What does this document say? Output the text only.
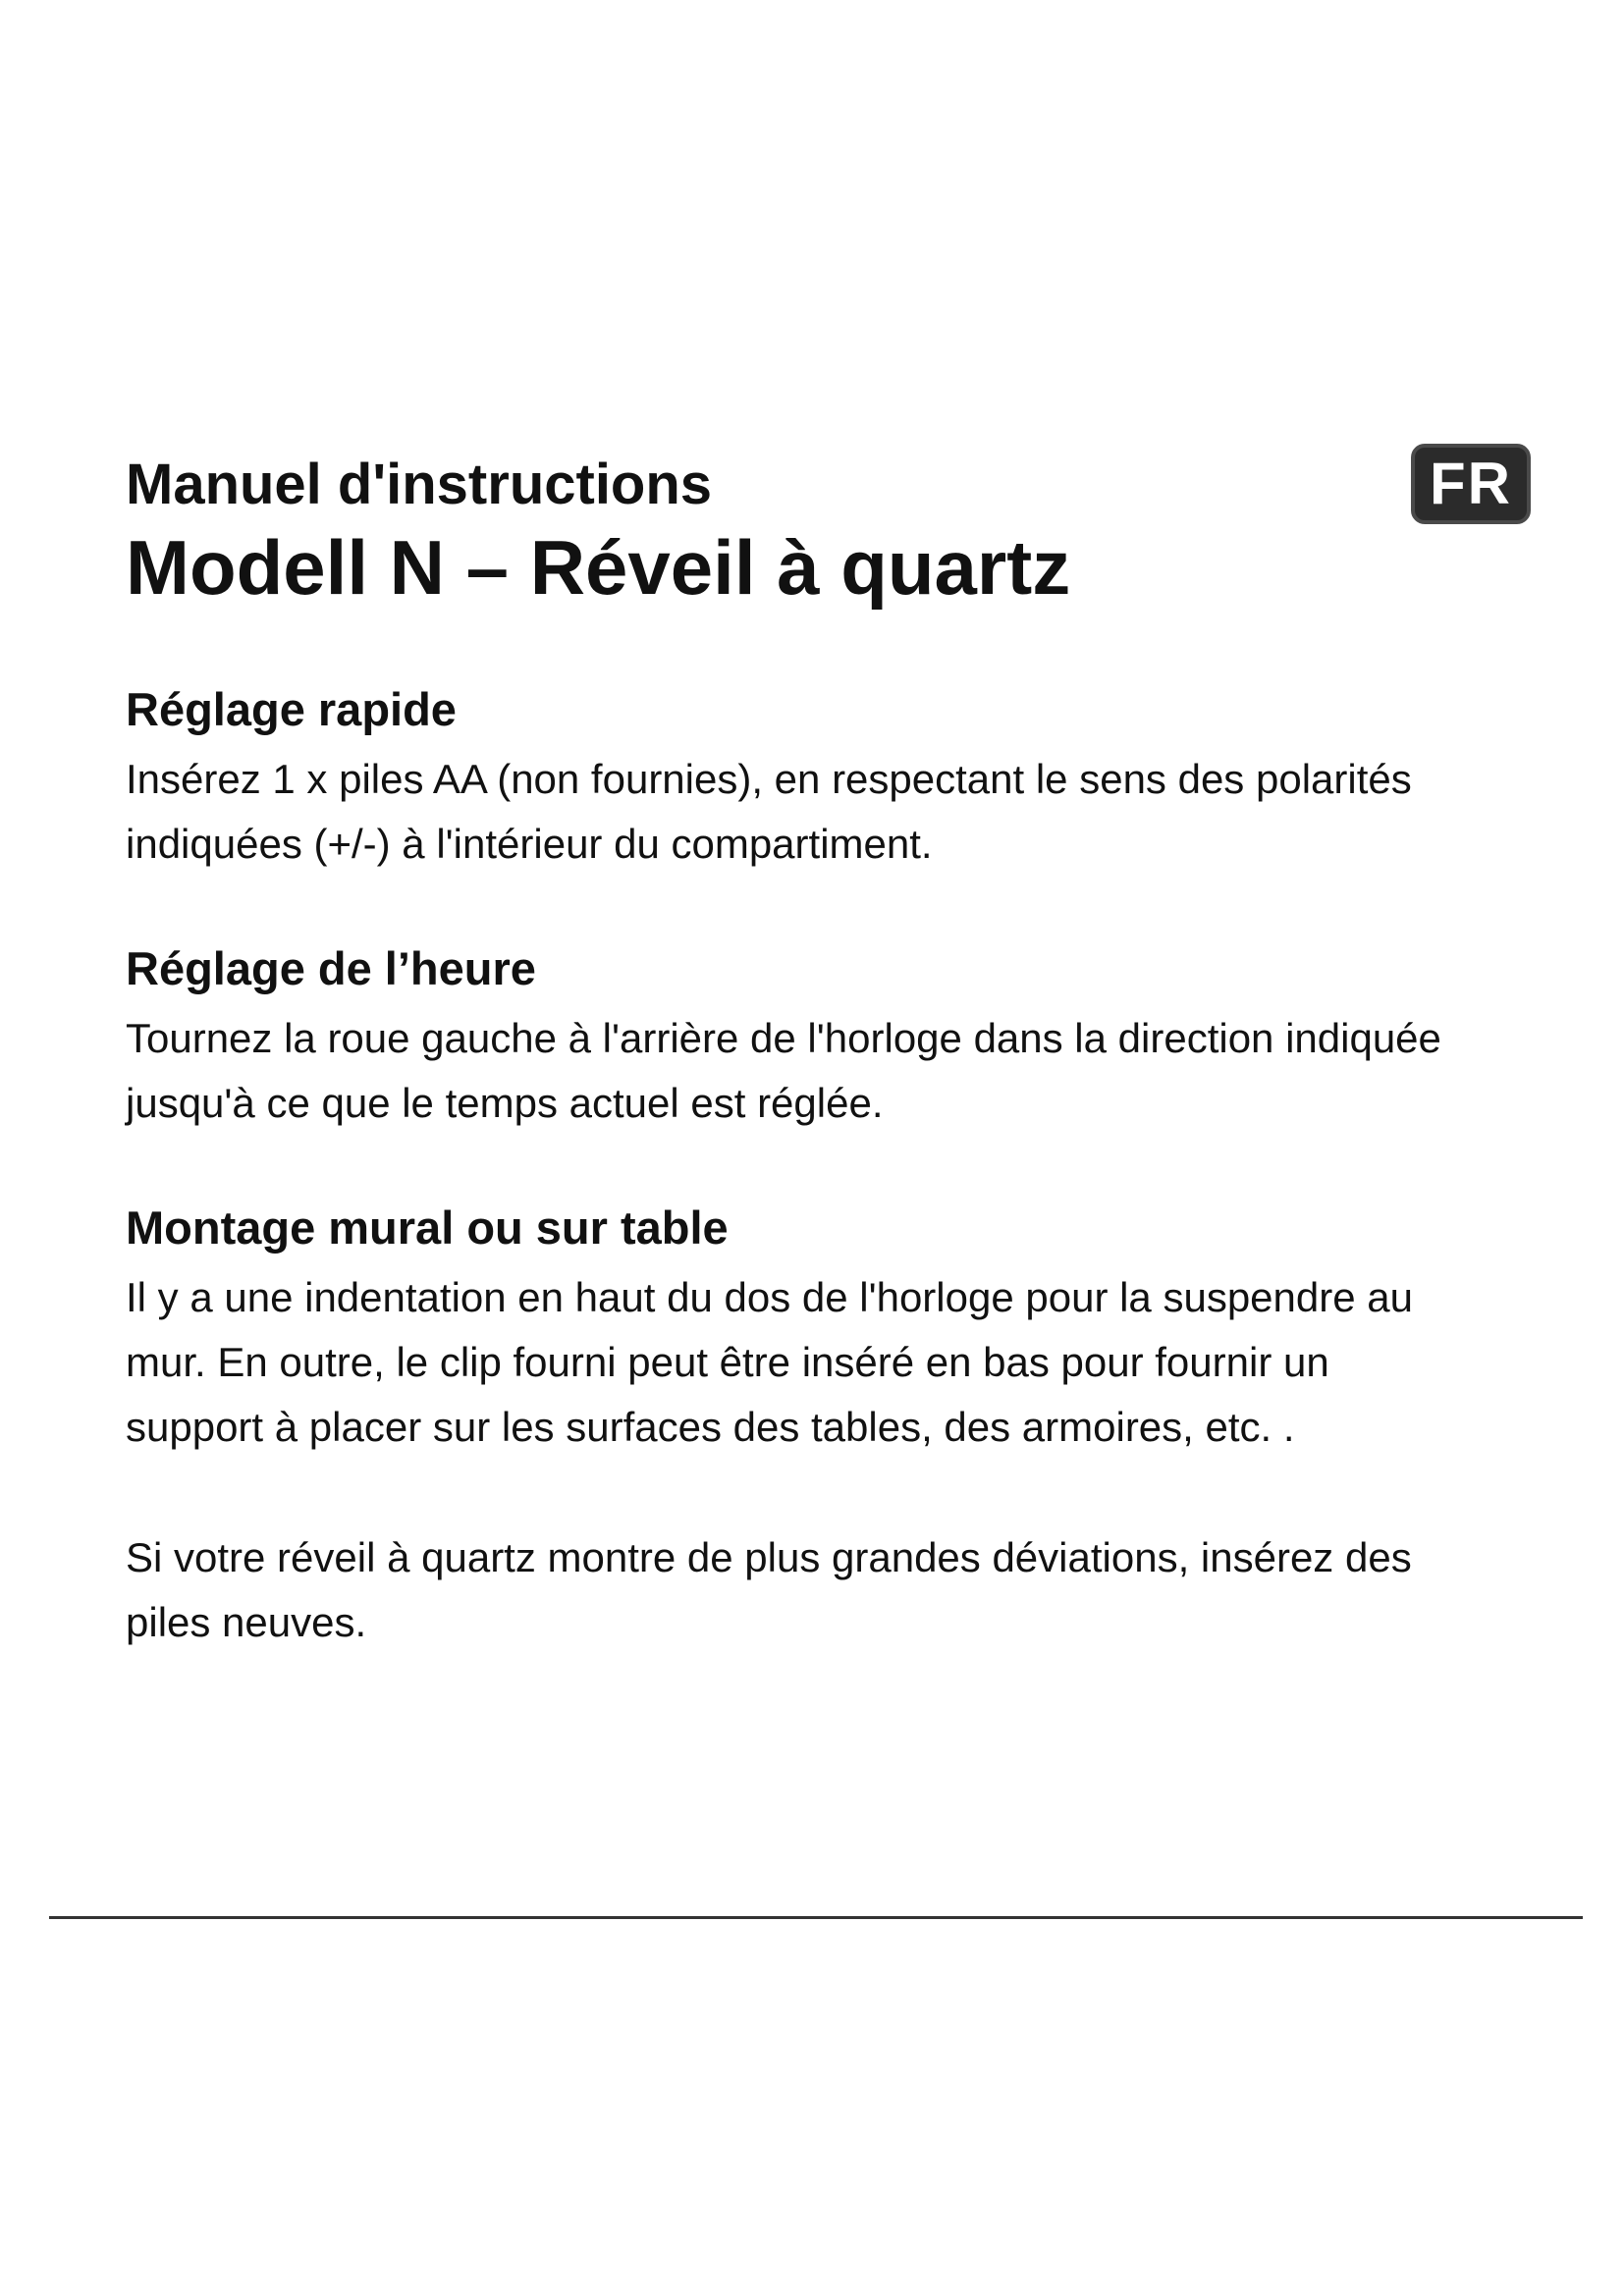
FR
Manuel d'instructions
Modell N – Réveil à quartz
Réglage rapide

Insérez 1 x piles AA (non fournies), en respectant le sens des polarités
indiquées (+/-) à l'intérieur du compartiment.

Réglage de l’heure

Tournez la roue gauche à l'arrière de l'horloge dans la direction indiquée
jusqu'à ce que le temps actuel est réglée.

Montage mural ou sur table

Il y a une indentation en haut du dos de l'horloge pour la suspendre au
mur. En outre, le clip fourni peut être inséré en bas pour fournir un
support à placer sur les surfaces des tables, des armoires, etc. .

Si votre réveil à quartz montre de plus grandes déviations, insérez des
piles neuves.
